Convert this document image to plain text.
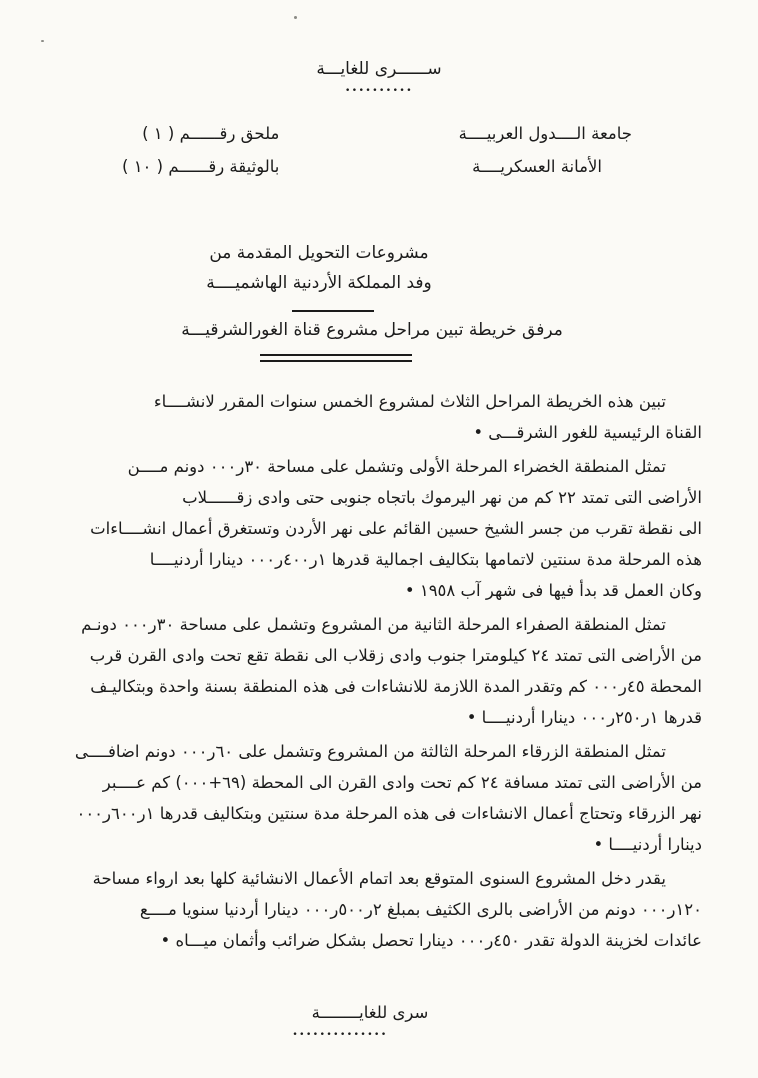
ســــــرى للغايـــة
••••••••••
جامعة الــــدول العربيــــة
الأمانة العسكريــــة
ملحق رقــــــم ( ١ )
بالوثيقة رقــــــم ( ١٠ )
مشروعات التحويل المقدمة من
وفد المملكة الأردنية الهاشميــــة
مرفق خريطة تبين مراحل مشروع قناة الغورالشرقيـــة
تبين هذه الخريطة المراحل الثلاث لمشروع الخمس سنوات المقرر لانشــــاء
القناة الرئيسية للغور الشرقـــى •
تمثل المنطقة الخضراء المرحلة الأولى وتشمل على مساحة ٣٠ر٠٠٠ دونم مــــن
الأراضى التى تمتد ٢٢ كم من نهر اليرموك باتجاه جنوبى حتى وادى زقــــــلاب
الى نقطة تقرب من جسر الشيخ حسين القائم على نهر الأردن وتستغرق أعمال انشــــاءات
هذه المرحلة مدة سنتين لاتمامها بتكاليف اجمالية قدرها ١ر٤٠٠ر٠٠٠ دينارا أردنيــــا
وكان العمل قد بدأ فيها فى شهر آب ١٩٥٨ •
تمثل المنطقة الصفراء المرحلة الثانية من المشروع وتشمل على مساحة ٣٠ر٠٠٠ دونـم
من الأراضى التى تمتد ٢٤ كيلومترا جنوب وادى زقلاب الى نقطة تقع تحت وادى القرن قرب
المحطة ٤٥ر٠٠٠ كم وتقدر المدة اللازمة للانشاءات فى هذه المنطقة بسنة واحدة وبتكاليـف
قدرها ١ر٢٥٠ر٠٠٠ دينارا أردنيــــا •
تمثل المنطقة الزرقاء المرحلة الثالثة من المشروع وتشمل على ٦٠ر٠٠٠ دونم اضافــــى
من الأراضى التى تمتد مسافة ٢٤ كم تحت وادى القرن الى المحطة ‪(٦٩+٠٠٠)‬ كم عــــبر
نهر الزرقاء وتحتاج أعمال الانشاءات فى هذه المرحلة مدة سنتين وبتكاليف قدرها ١ر٦٠٠ر٠٠٠
دينارا أردنيــــا •
يقدر دخل المشروع السنوى المتوقع بعد اتمام الأعمال الانشائية كلها بعد ارواء مساحة
١٢٠ر٠٠٠ دونم من الأراضى بالرى الكثيف بمبلغ ٢ر٥٠٠ر٠٠٠ دينارا أردنيا سنويا مــــع
عائدات لخزينة الدولة تقدر ٤٥٠ر٠٠٠ دينارا تحصل بشكل ضرائب وأثمان ميـــاه •
سرى للغايــــــــة
••••••••••••••
